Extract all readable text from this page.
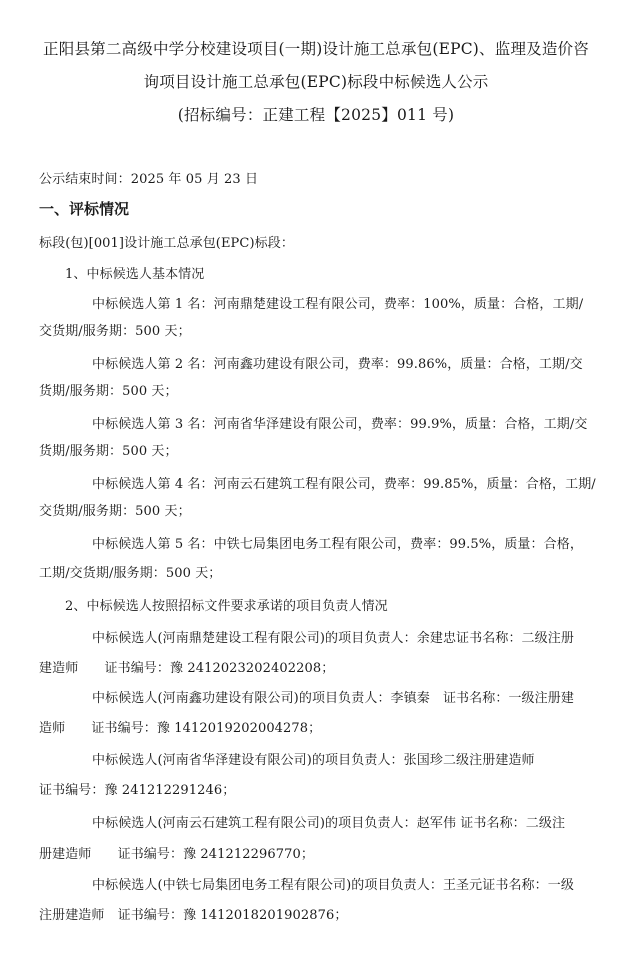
正阳县第二高级中学分校建设项目(一期)设计施工总承包(EPC)、监理及造价咨
询项目设计施工总承包(EPC)标段中标候选人公示
(招标编号：正建工程【2025】011 号)
公示结束时间：2025 年 05 月 23 日
一、评标情况
标段(包)[001]设计施工总承包(EPC)标段：
1、中标候选人基本情况
中标候选人第 1 名：河南鼎楚建设工程有限公司，费率：100%，质量：合格，工期/
交货期/服务期：500 天；
中标候选人第 2 名：河南鑫功建设有限公司，费率：99.86%，质量：合格，工期/交
货期/服务期：500 天；
中标候选人第 3 名：河南省华泽建设有限公司，费率：99.9%，质量：合格，工期/交
货期/服务期：500 天；
中标候选人第 4 名：河南云石建筑工程有限公司，费率：99.85%，质量：合格，工期/
交货期/服务期：500 天；
中标候选人第 5 名：中铁七局集团电务工程有限公司，费率：99.5%，质量：合格，
工期/交货期/服务期：500 天；
2、中标候选人按照招标文件要求承诺的项目负责人情况
中标候选人(河南鼎楚建设工程有限公司)的项目负责人：余建忠证书名称：二级注册
建造师　　证书编号：豫 2412023202402208；
中标候选人(河南鑫功建设有限公司)的项目负责人：李镇秦　证书名称：一级注册建
造师　　证书编号：豫 1412019202004278；
中标候选人(河南省华泽建设有限公司)的项目负责人：张国珍二级注册建造师
证书编号：豫 241212291246；
中标候选人(河南云石建筑工程有限公司)的项目负责人：赵军伟 证书名称：二级注
册建造师　　证书编号：豫 241212296770；
中标候选人(中铁七局集团电务工程有限公司)的项目负责人：王圣元证书名称：一级
注册建造师　证书编号：豫 1412018201902876；
